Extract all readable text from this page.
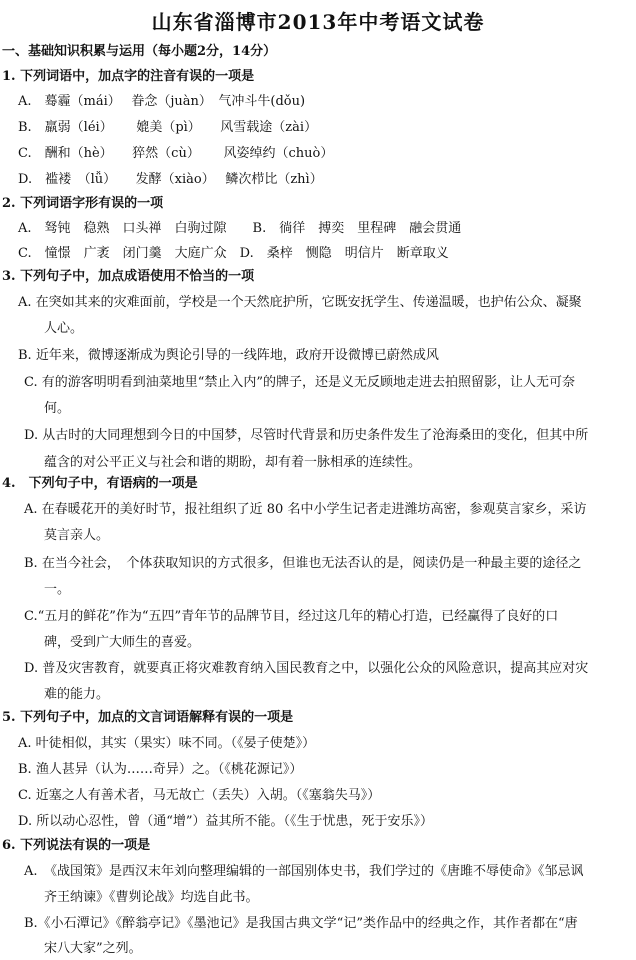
山东省淄博市2013年中考语文试卷
一、基础知识积累与运用（每小题2分，14分）
1. 下列词语中，加点字的注音有误的一项是
A.　蓦霾（mái）　 眷念（juàn）　气冲斗牛(dǒu)
B.　羸弱（léi）　　 媲美（pì）　　风雪载途（zài）
C.　酬和（hè）　　猝然（cù）　　 风姿绰约（chuò）
D.　褴褛　（lǚ）　　发酵（xiào）　 鳞次栉比（zhì）
2. 下列词语字形有误的一项
A.　驽钝　稳熟　口头禅　白驹过隙　　B.　徜徉　搏奕　里程碑　融会贯通
C.　憧憬　广袤　闭门羹　大庭广众　D.　桑梓　恻隐　明信片　断章取义
3. 下列句子中，加点成语使用不恰当的一项
A. 在突如其来的灾难面前，学校是一个天然庇护所，它既安抚学生、传递温暖，也护佑公众、凝聚
人心。
B. 近年来，微博逐渐成为舆论引导的一线阵地，政府开设微博已蔚然成风
C. 有的游客明明看到油菜地里“禁止入内”的牌子，还是义无反顾地走进去拍照留影，让人无可奈
何。
D. 从古时的大同理想到今日的中国梦，尽管时代背景和历史条件发生了沧海桑田的变化，但其中所
蕴含的对公平正义与社会和谐的期盼，却有着一脉相承的连续性。
4.　下列句子中，有语病的一项是
A. 在春暖花开的美好时节，报社组织了近 80 名中小学生记者走进潍坊高密，参观莫言家乡，采访
莫言亲人。
B. 在当今社会，　个体获取知识的方式很多，但谁也无法否认的是，阅读仍是一种最主要的途径之
一。
C.“五月的鲜花”作为“五四”青年节的品牌节目，经过这几年的精心打造，已经赢得了良好的口
碑，受到广大师生的喜爱。
D. 普及灾害教育，就要真正将灾难教育纳入国民教育之中，以强化公众的风险意识，提高其应对灾
难的能力。
5. 下列句子中，加点的文言词语解释有误的一项是
A. 叶徒相似，其实（果实）味不同。（《晏子使楚》）
B. 渔人甚异（认为……奇异）之。（《桃花源记》）
C. 近塞之人有善术者，马无故亡（丢失）入胡。（《塞翁失马》）
D. 所以动心忍性，曾（通“增”）益其所不能。（《生于忧患，死于安乐》）
6. 下列说法有误的一项是
A.　《战国策》是西汉末年刘向整理编辑的一部国别体史书，我们学过的《唐雎不辱使命》《邹忌讽
齐王纳谏》《曹刿论战》均选自此书。
B.《小石潭记》《醉翁亭记》《墨池记》是我国古典文学“记”类作品中的经典之作，其作者都在“唐
宋八大家”之列。
